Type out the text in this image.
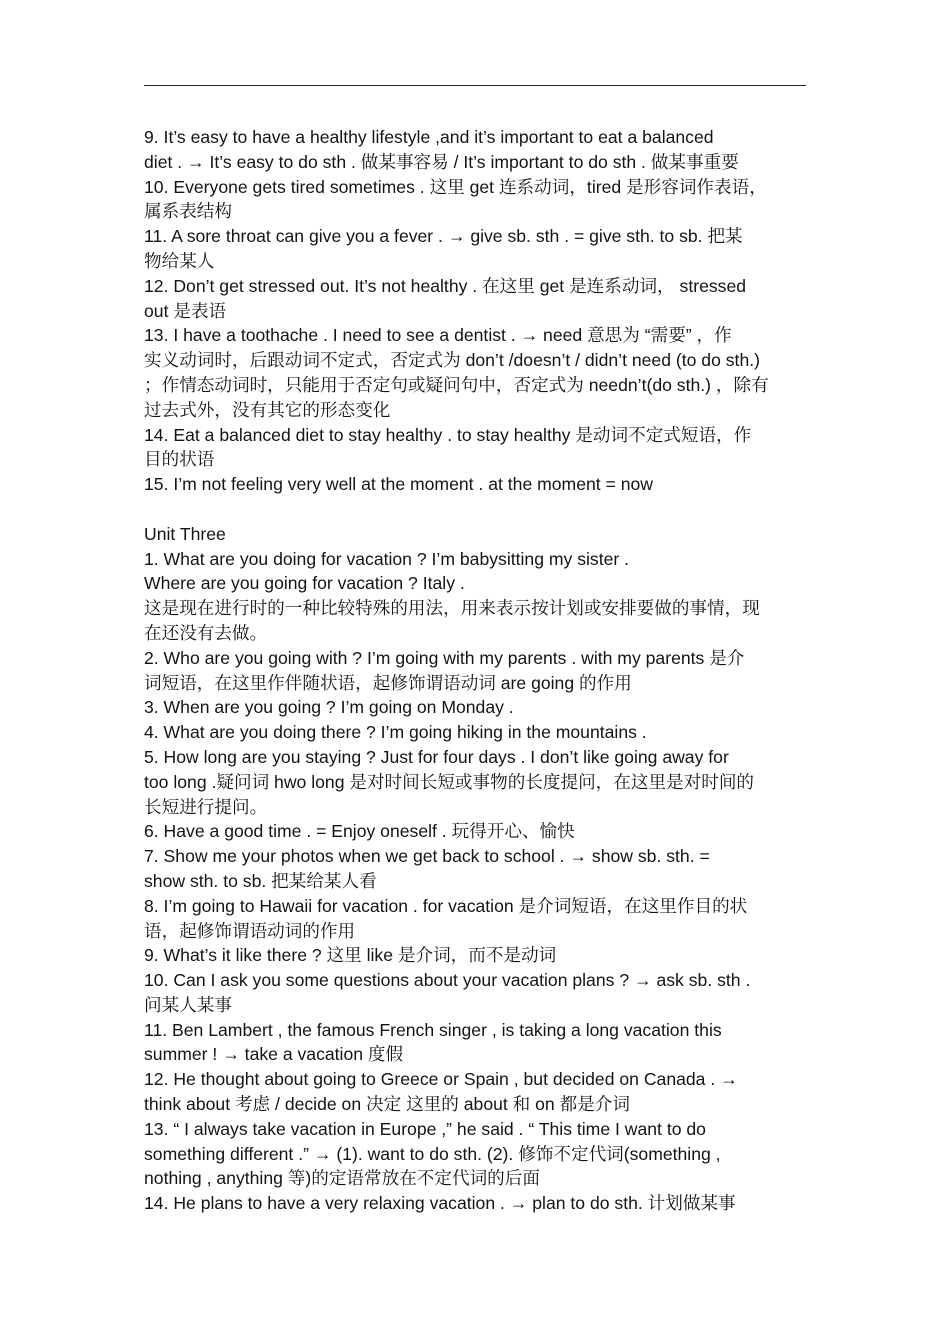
9. It’s easy to have a healthy lifestyle ,and it’s important to eat a balanced
diet . → It’s easy to do sth . 做某事容易 / It’s important to do sth . 做某事重要
10. Everyone gets tired sometimes . 这里 get 连系动词，tired 是形容词作表语，
属系表结构
11. A sore throat can give you a fever . → give sb. sth . = give sth. to sb. 把某
物给某人
12. Don’t get stressed out. It’s not healthy . 在这里 get 是连系动词， stressed
out 是表语
13. I have a toothache . I need to see a dentist . → need 意思为 “需要” ，作
实义动词时，后跟动词不定式，否定式为 don’t /doesn’t / didn’t need (to do sth.)
；作情态动词时，只能用于否定句或疑问句中，否定式为 needn’t(do sth.) ，除有
过去式外，没有其它的形态变化
14. Eat a balanced diet to stay healthy . to stay healthy 是动词不定式短语，作
目的状语
15. I’m not feeling very well at the moment . at the moment = now
Unit Three
1. What are you doing for vacation ? I’m babysitting my sister .
Where are you going for vacation ? Italy .
这是现在进行时的一种比较特殊的用法，用来表示按计划或安排要做的事情，现
在还没有去做。
2. Who are you going with ? I’m going with my parents . with my parents 是介
词短语，在这里作伴随状语，起修饰谓语动词 are going 的作用
3. When are you going ? I’m going on Monday .
4. What are you doing there ? I’m going hiking in the mountains .
5. How long are you staying ? Just for four days . I don’t like going away for
too long .疑问词 hwo long 是对时间长短或事物的长度提问，在这里是对时间的
长短进行提问。
6. Have a good time . = Enjoy oneself . 玩得开心、愉快
7. Show me your photos when we get back to school . → show sb. sth. =
show sth. to sb. 把某给某人看
8. I’m going to Hawaii for vacation . for vacation 是介词短语，在这里作目的状
语，起修饰谓语动词的作用
9. What’s it like there ? 这里 like 是介词，而不是动词
10. Can I ask you some questions about your vacation plans ? → ask sb. sth .
问某人某事
11. Ben Lambert , the famous French singer , is taking a long vacation this
summer ! → take a vacation 度假
12. He thought about going to Greece or Spain , but decided on Canada . →
think about 考虑 / decide on 决定 这里的 about 和 on 都是介词
13. “ I always take vacation in Europe ,” he said . “ This time I want to do
something different .” → (1). want to do sth. (2). 修饰不定代词(something ,
nothing , anything 等)的定语常放在不定代词的后面
14. He plans to have a very relaxing vacation . → plan to do sth. 计划做某事
